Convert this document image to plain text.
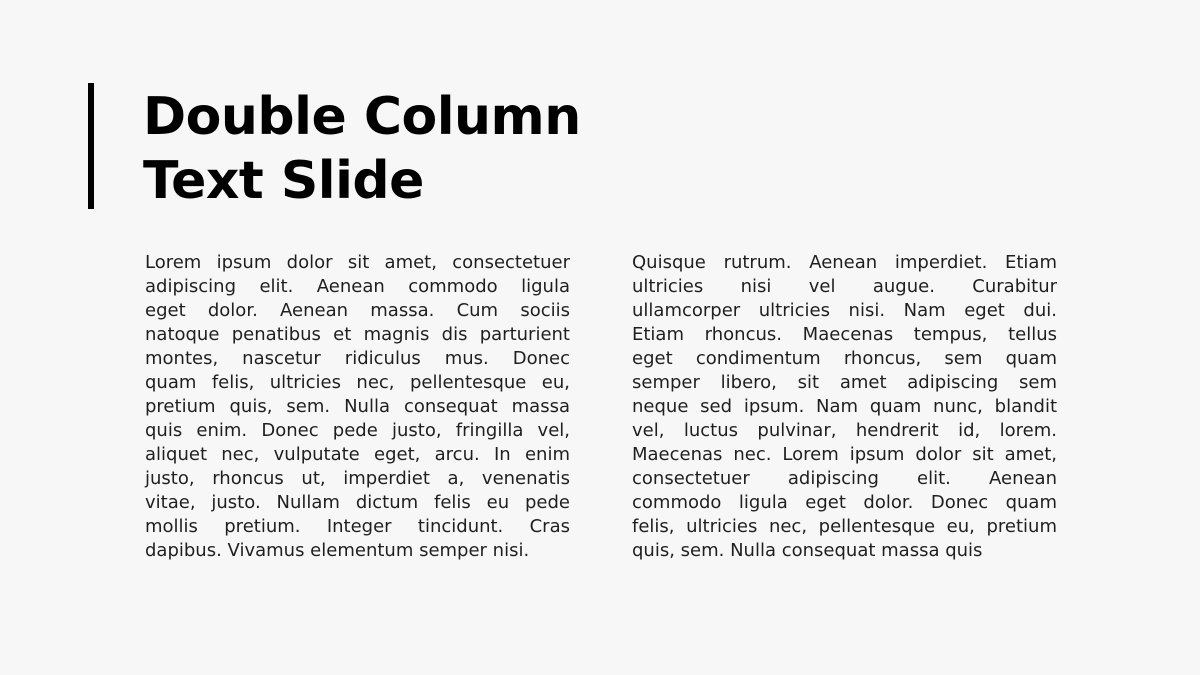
Double Column
Text Slide
Lorem ipsum dolor sit amet, consectetuer
adipiscing elit. Aenean commodo ligula
eget dolor. Aenean massa. Cum sociis
natoque penatibus et magnis dis parturient
montes, nascetur ridiculus mus. Donec
quam felis, ultricies nec, pellentesque eu,
pretium quis, sem. Nulla consequat massa
quis enim. Donec pede justo, fringilla vel,
aliquet nec, vulputate eget, arcu. In enim
justo, rhoncus ut, imperdiet a, venenatis
vitae, justo. Nullam dictum felis eu pede
mollis pretium. Integer tincidunt. Cras
dapibus. Vivamus elementum semper nisi.
Quisque rutrum. Aenean imperdiet. Etiam
ultricies nisi vel augue. Curabitur
ullamcorper ultricies nisi. Nam eget dui.
Etiam rhoncus. Maecenas tempus, tellus
eget condimentum rhoncus, sem quam
semper libero, sit amet adipiscing sem
neque sed ipsum. Nam quam nunc, blandit
vel, luctus pulvinar, hendrerit id, lorem.
Maecenas nec. Lorem ipsum dolor sit amet,
consectetuer adipiscing elit. Aenean
commodo ligula eget dolor. Donec quam
felis, ultricies nec, pellentesque eu, pretium
quis, sem. Nulla consequat massa quis
